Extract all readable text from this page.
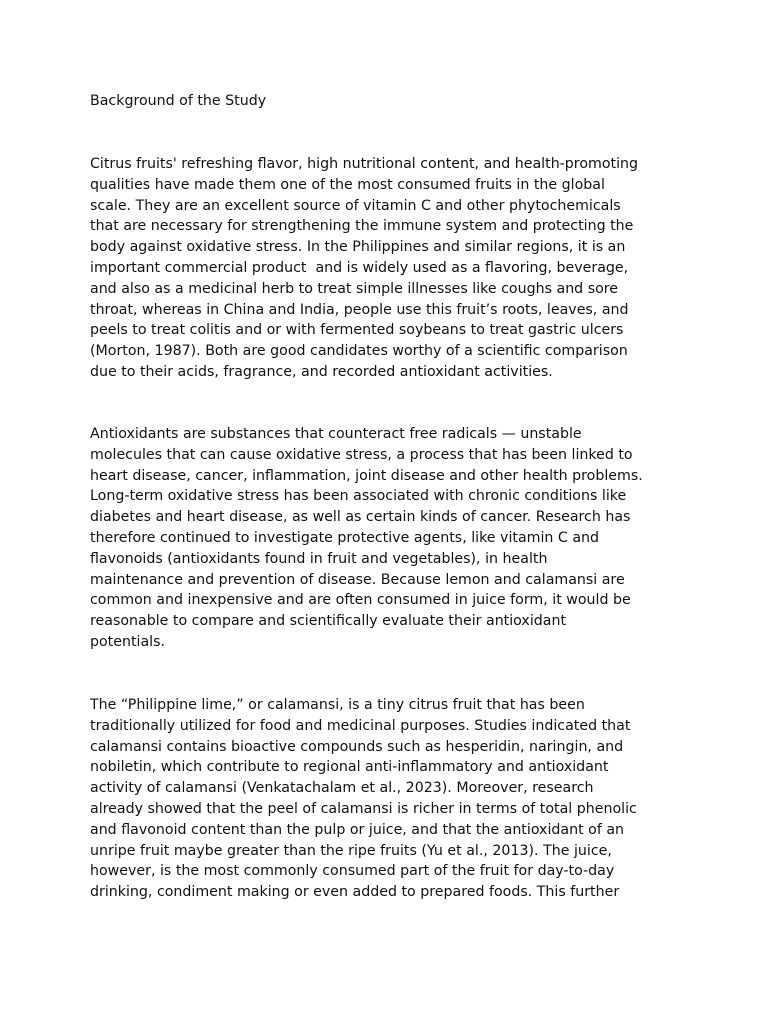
Background of the Study

Citrus fruits' refreshing flavor, high nutritional content, and health-promoting
qualities have made them one of the most consumed fruits in the global
scale. They are an excellent source of vitamin C and other phytochemicals
that are necessary for strengthening the immune system and protecting the
body against oxidative stress. In the Philippines and similar regions, it is an
important commercial product  and is widely used as a flavoring, beverage,
and also as a medicinal herb to treat simple illnesses like coughs and sore
throat, whereas in China and India, people use this fruit’s roots, leaves, and
peels to treat colitis and or with fermented soybeans to treat gastric ulcers
(Morton, 1987). Both are good candidates worthy of a scientific comparison
due to their acids, fragrance, and recorded antioxidant activities.

Antioxidants are substances that counteract free radicals — unstable
molecules that can cause oxidative stress, a process that has been linked to
heart disease, cancer, inflammation, joint disease and other health problems.
Long-term oxidative stress has been associated with chronic conditions like
diabetes and heart disease, as well as certain kinds of cancer. Research has
therefore continued to investigate protective agents, like vitamin C and
flavonoids (antioxidants found in fruit and vegetables), in health
maintenance and prevention of disease. Because lemon and calamansi are
common and inexpensive and are often consumed in juice form, it would be
reasonable to compare and scientifically evaluate their antioxidant
potentials.

The “Philippine lime,” or calamansi, is a tiny citrus fruit that has been
traditionally utilized for food and medicinal purposes. Studies indicated that
calamansi contains bioactive compounds such as hesperidin, naringin, and
nobiletin, which contribute to regional anti-inflammatory and antioxidant
activity of calamansi (Venkatachalam et al., 2023). Moreover, research
already showed that the peel of calamansi is richer in terms of total phenolic
and flavonoid content than the pulp or juice, and that the antioxidant of an
unripe fruit maybe greater than the ripe fruits (Yu et al., 2013). The juice,
however, is the most commonly consumed part of the fruit for day-to-day
drinking, condiment making or even added to prepared foods. This further
